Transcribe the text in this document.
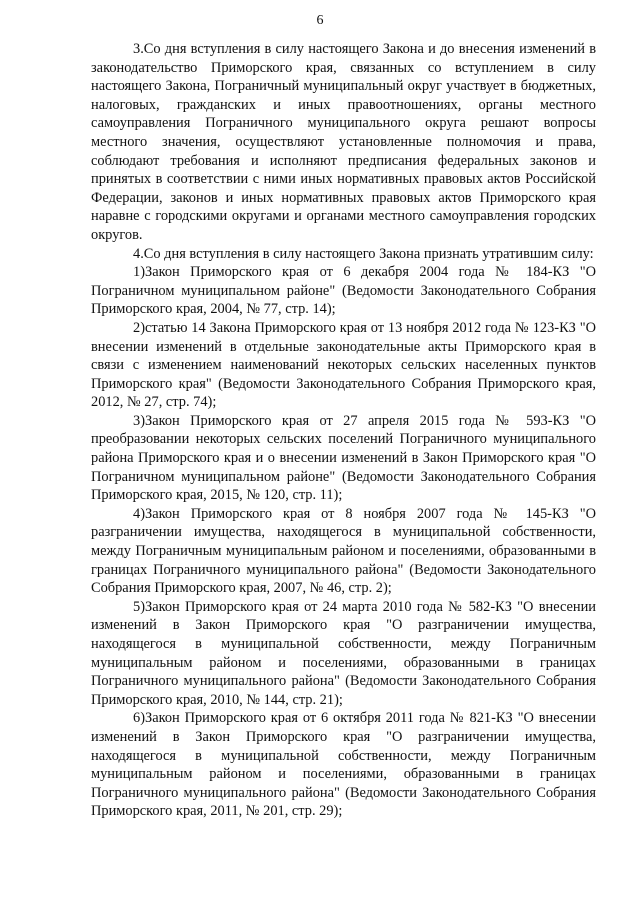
6

3.Со дня вступления в силу настоящего Закона и до внесения изменений в законодательство Приморского края, связанных со вступлением в силу настоящего Закона, Пограничный муниципальный округ участвует в бюджетных, налоговых, гражданских и иных правоотношениях, органы местного самоуправления Пограничного муниципального округа решают вопросы местного значения, осуществляют установленные полномочия и права, соблюдают требования и исполняют предписания федеральных законов и принятых в соответствии с ними иных нормативных правовых актов Российской Федерации, законов и иных нормативных правовых актов Приморского края наравне с городскими округами и органами местного самоуправления городских округов.

4.Со дня вступления в силу настоящего Закона признать утратившим силу:

1)Закон Приморского края от 6 декабря 2004 года № 184-КЗ "О Пограничном муниципальном районе" (Ведомости Законодательного Собрания Приморского края, 2004, № 77, стр. 14);

2)статью 14 Закона Приморского края от 13 ноября 2012 года № 123-КЗ "О внесении изменений в отдельные законодательные акты Приморского края в связи с изменением наименований некоторых сельских населенных пунктов Приморского края" (Ведомости Законодательного Собрания Приморского края, 2012, № 27, стр. 74);

3)Закон Приморского края от 27 апреля 2015 года № 593-КЗ "О преобразовании некоторых сельских поселений Пограничного муниципального района Приморского края и о внесении изменений в Закон Приморского края "О Пограничном муниципальном районе" (Ведомости Законодательного Собрания Приморского края, 2015, № 120, стр. 11);

4)Закон Приморского края от 8 ноября 2007 года № 145-КЗ "О разграничении имущества, находящегося в муниципальной собственности, между Пограничным муниципальным районом и поселениями, образованными в границах Пограничного муниципального района" (Ведомости Законодательного Собрания Приморского края, 2007, № 46, стр. 2);

5)Закон Приморского края от 24 марта 2010 года № 582-КЗ "О внесении изменений в Закон Приморского края "О разграничении имущества, находящегося в муниципальной собственности, между Пограничным муниципальным районом и поселениями, образованными в границах Пограничного муниципального района" (Ведомости Законодательного Собрания Приморского края, 2010, № 144, стр. 21);

6)Закон Приморского края от 6 октября 2011 года № 821-КЗ "О внесении изменений в Закон Приморского края "О разграничении имущества, находящегося в муниципальной собственности, между Пограничным муниципальным районом и поселениями, образованными в границах Пограничного муниципального района" (Ведомости Законодательного Собрания Приморского края, 2011, № 201, стр. 29);
